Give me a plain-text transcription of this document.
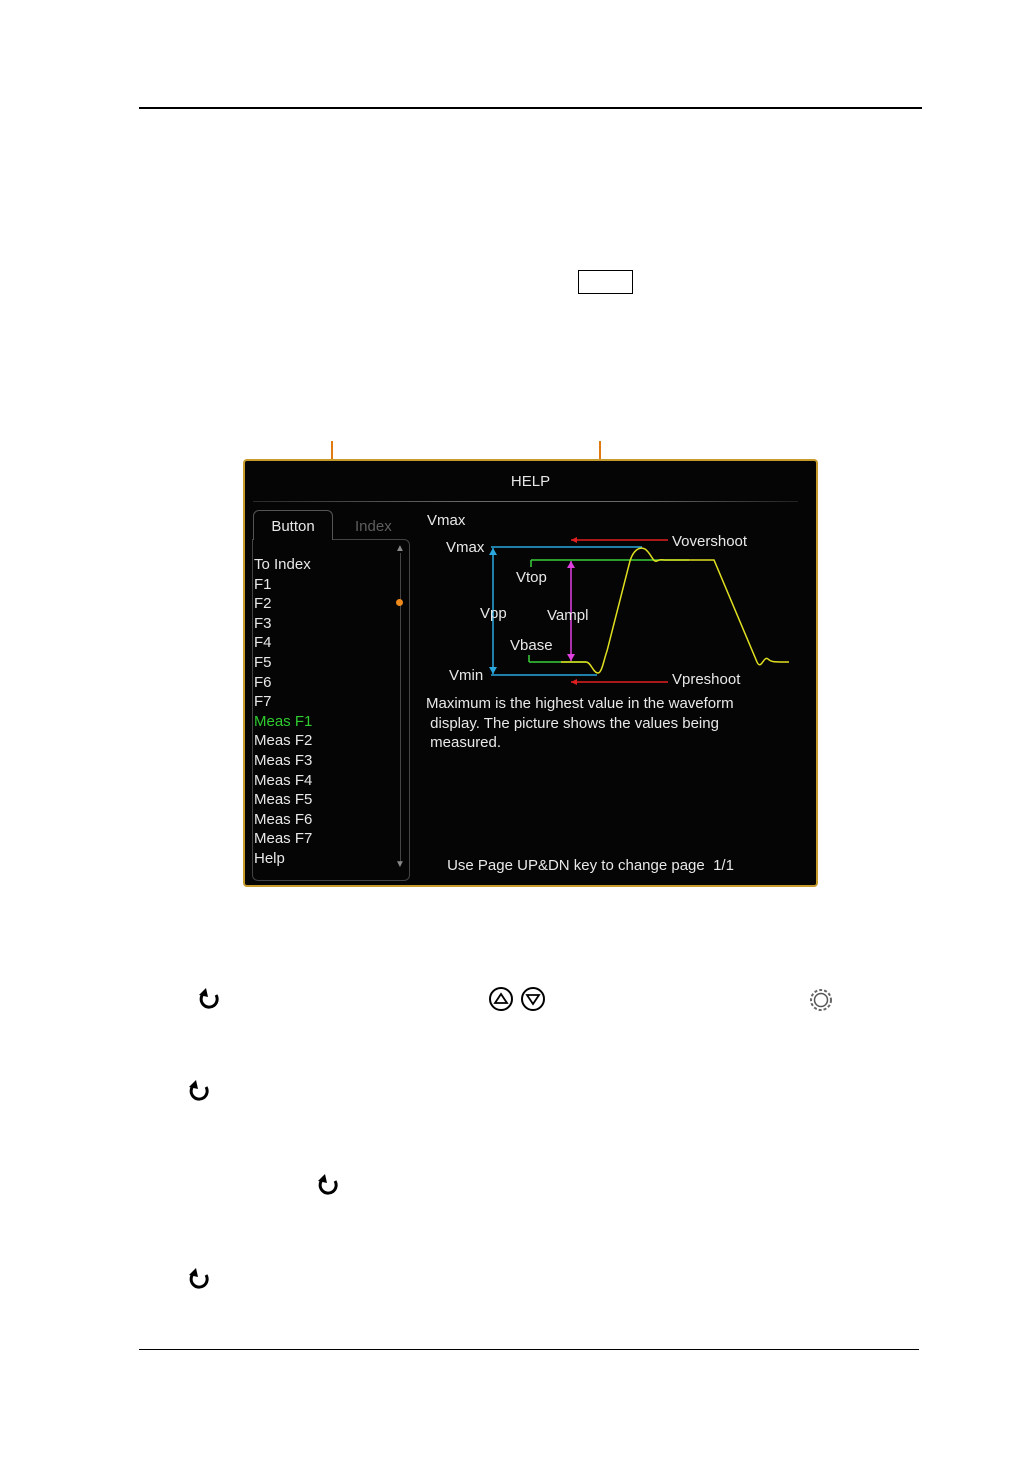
HELP
Button	Index
To Index
F1
F2
F3
F4
F5
F6
F7
Meas F1
Meas F2
Meas F3
Meas F4
Meas F5
Meas F6
Meas F7
Help
▲
▼
Vmax
Vmax
Vtop
Vpp	Vampl
Vbase
Vmin
Vovershoot
Vpreshoot
Maximum is the highest value in the waveform
display. The picture shows the values being
measured.
Use Page UP&DN key to change page  1/1
